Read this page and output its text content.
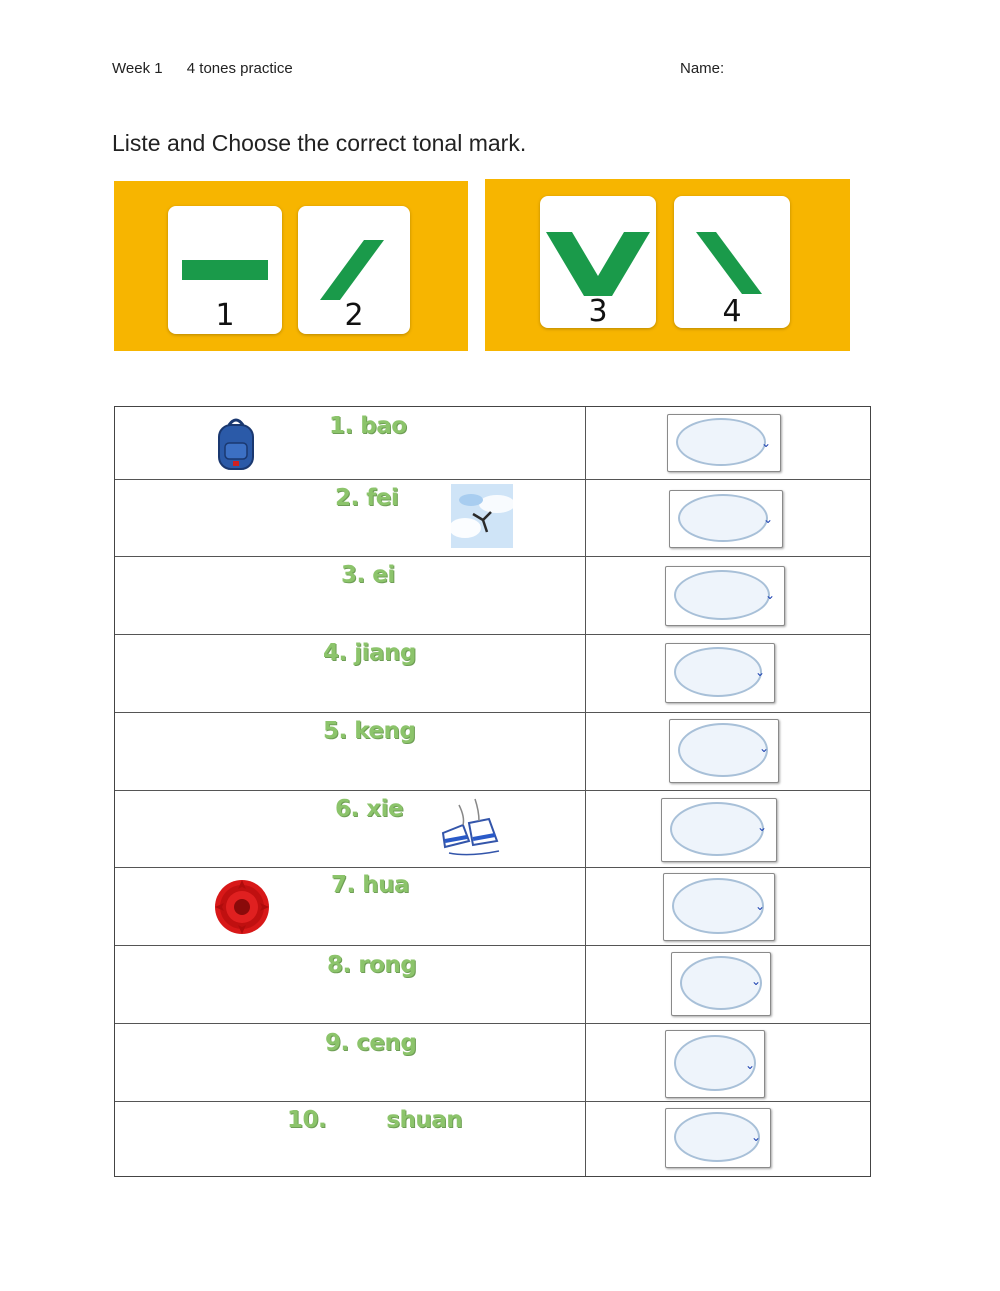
Week 1 4 tones practice	Name:
Liste and Choose the correct tonal mark.
1	2	3	4
1. bao
⌄
2. fei
⌄
3. ei
⌄
4. jiang
⌄
5. keng
⌄
6. xie
⌄
7. hua
⌄
8. rong
⌄
9. ceng
⌄
10.        shuan
⌄
